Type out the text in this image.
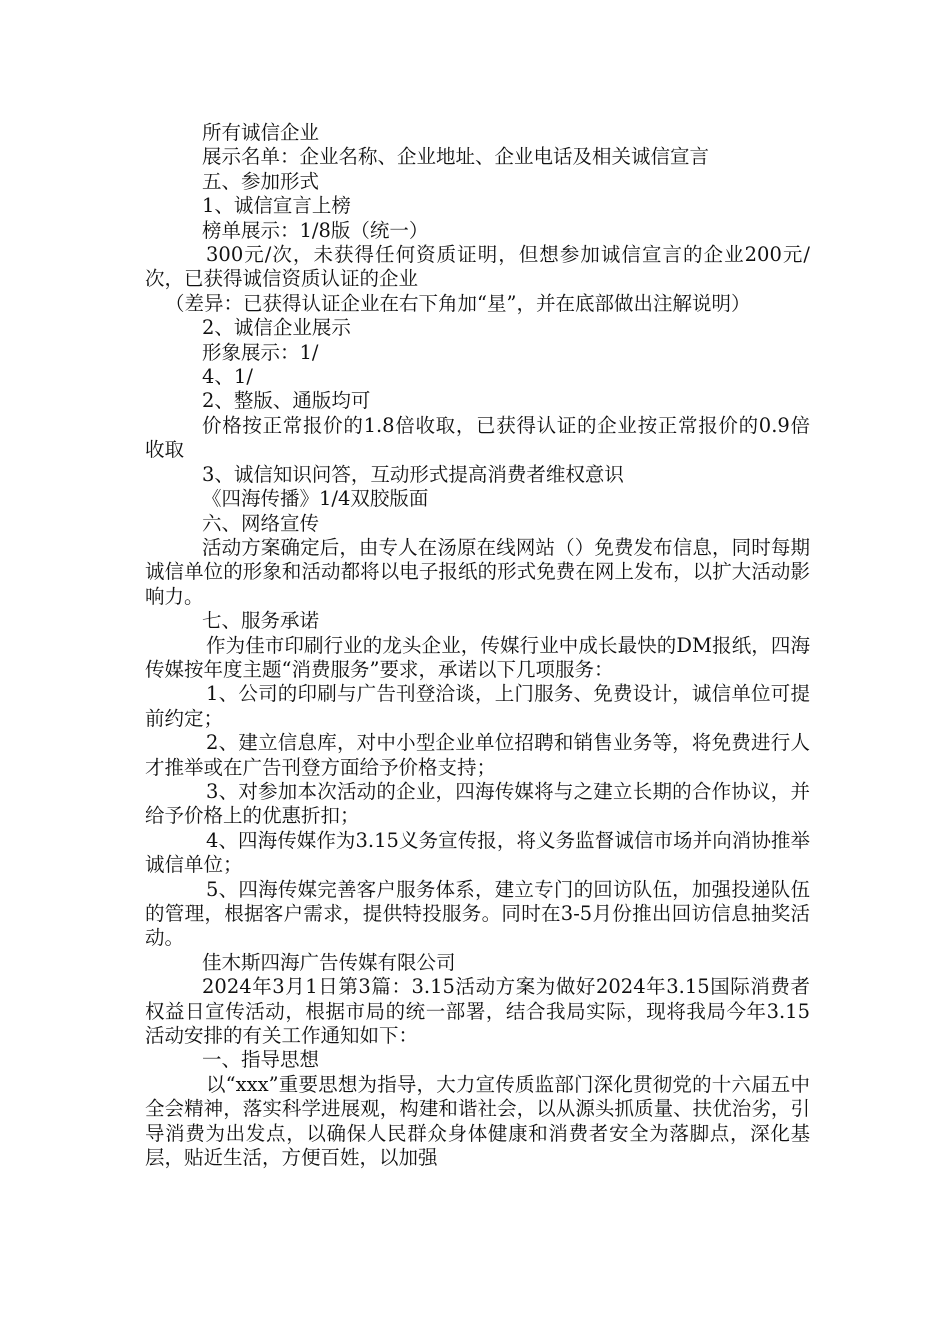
所有诚信企业

展示名单：企业名称、企业地址、企业电话及相关诚信宣言

五、参加形式

1、诚信宣言上榜

榜单展示：1/8版（统一）

300元/次，未获得任何资质证明，但想参加诚信宣言的企业200元/次，已获得诚信资质认证的企业

（差异：已获得认证企业在右下角加“星”，并在底部做出注解说明）

2、诚信企业展示

形象展示：1/

4、1/

2、整版、通版均可

价格按正常报价的1.8倍收取，已获得认证的企业按正常报价的0.9倍收取

3、诚信知识问答，互动形式提高消费者维权意识

《四海传播》1/4双胶版面

六、网络宣传

活动方案确定后，由专人在汤原在线网站（）免费发布信息，同时每期诚信单位的形象和活动都将以电子报纸的形式免费在网上发布，以扩大活动影响力。

七、服务承诺

作为佳市印刷行业的龙头企业，传媒行业中成长最快的DM报纸，四海传媒按年度主题“消费服务”要求，承诺以下几项服务：

1、公司的印刷与广告刊登洽谈，上门服务、免费设计，诚信单位可提前约定；

2、建立信息库，对中小型企业单位招聘和销售业务等，将免费进行人才推举或在广告刊登方面给予价格支持；

3、对参加本次活动的企业，四海传媒将与之建立长期的合作协议，并给予价格上的优惠折扣；

4、四海传媒作为3.15义务宣传报，将义务监督诚信市场并向消协推举诚信单位；

5、四海传媒完善客户服务体系，建立专门的回访队伍，加强投递队伍的管理，根据客户需求，提供特投服务。同时在3-5月份推出回访信息抽奖活动。

佳木斯四海广告传媒有限公司

2024年3月1日第3篇：3.15活动方案为做好2024年3.15国际消费者权益日宣传活动，根据市局的统一部署，结合我局实际，现将我局今年3.15活动安排的有关工作通知如下：

一、指导思想

以“xxx”重要思想为指导，大力宣传质监部门深化贯彻党的十六届五中全会精神，落实科学进展观，构建和谐社会，以从源头抓质量、扶优治劣，引导消费为出发点，以确保人民群众身体健康和消费者安全为落脚点，深化基层，贴近生活，方便百姓，以加强
